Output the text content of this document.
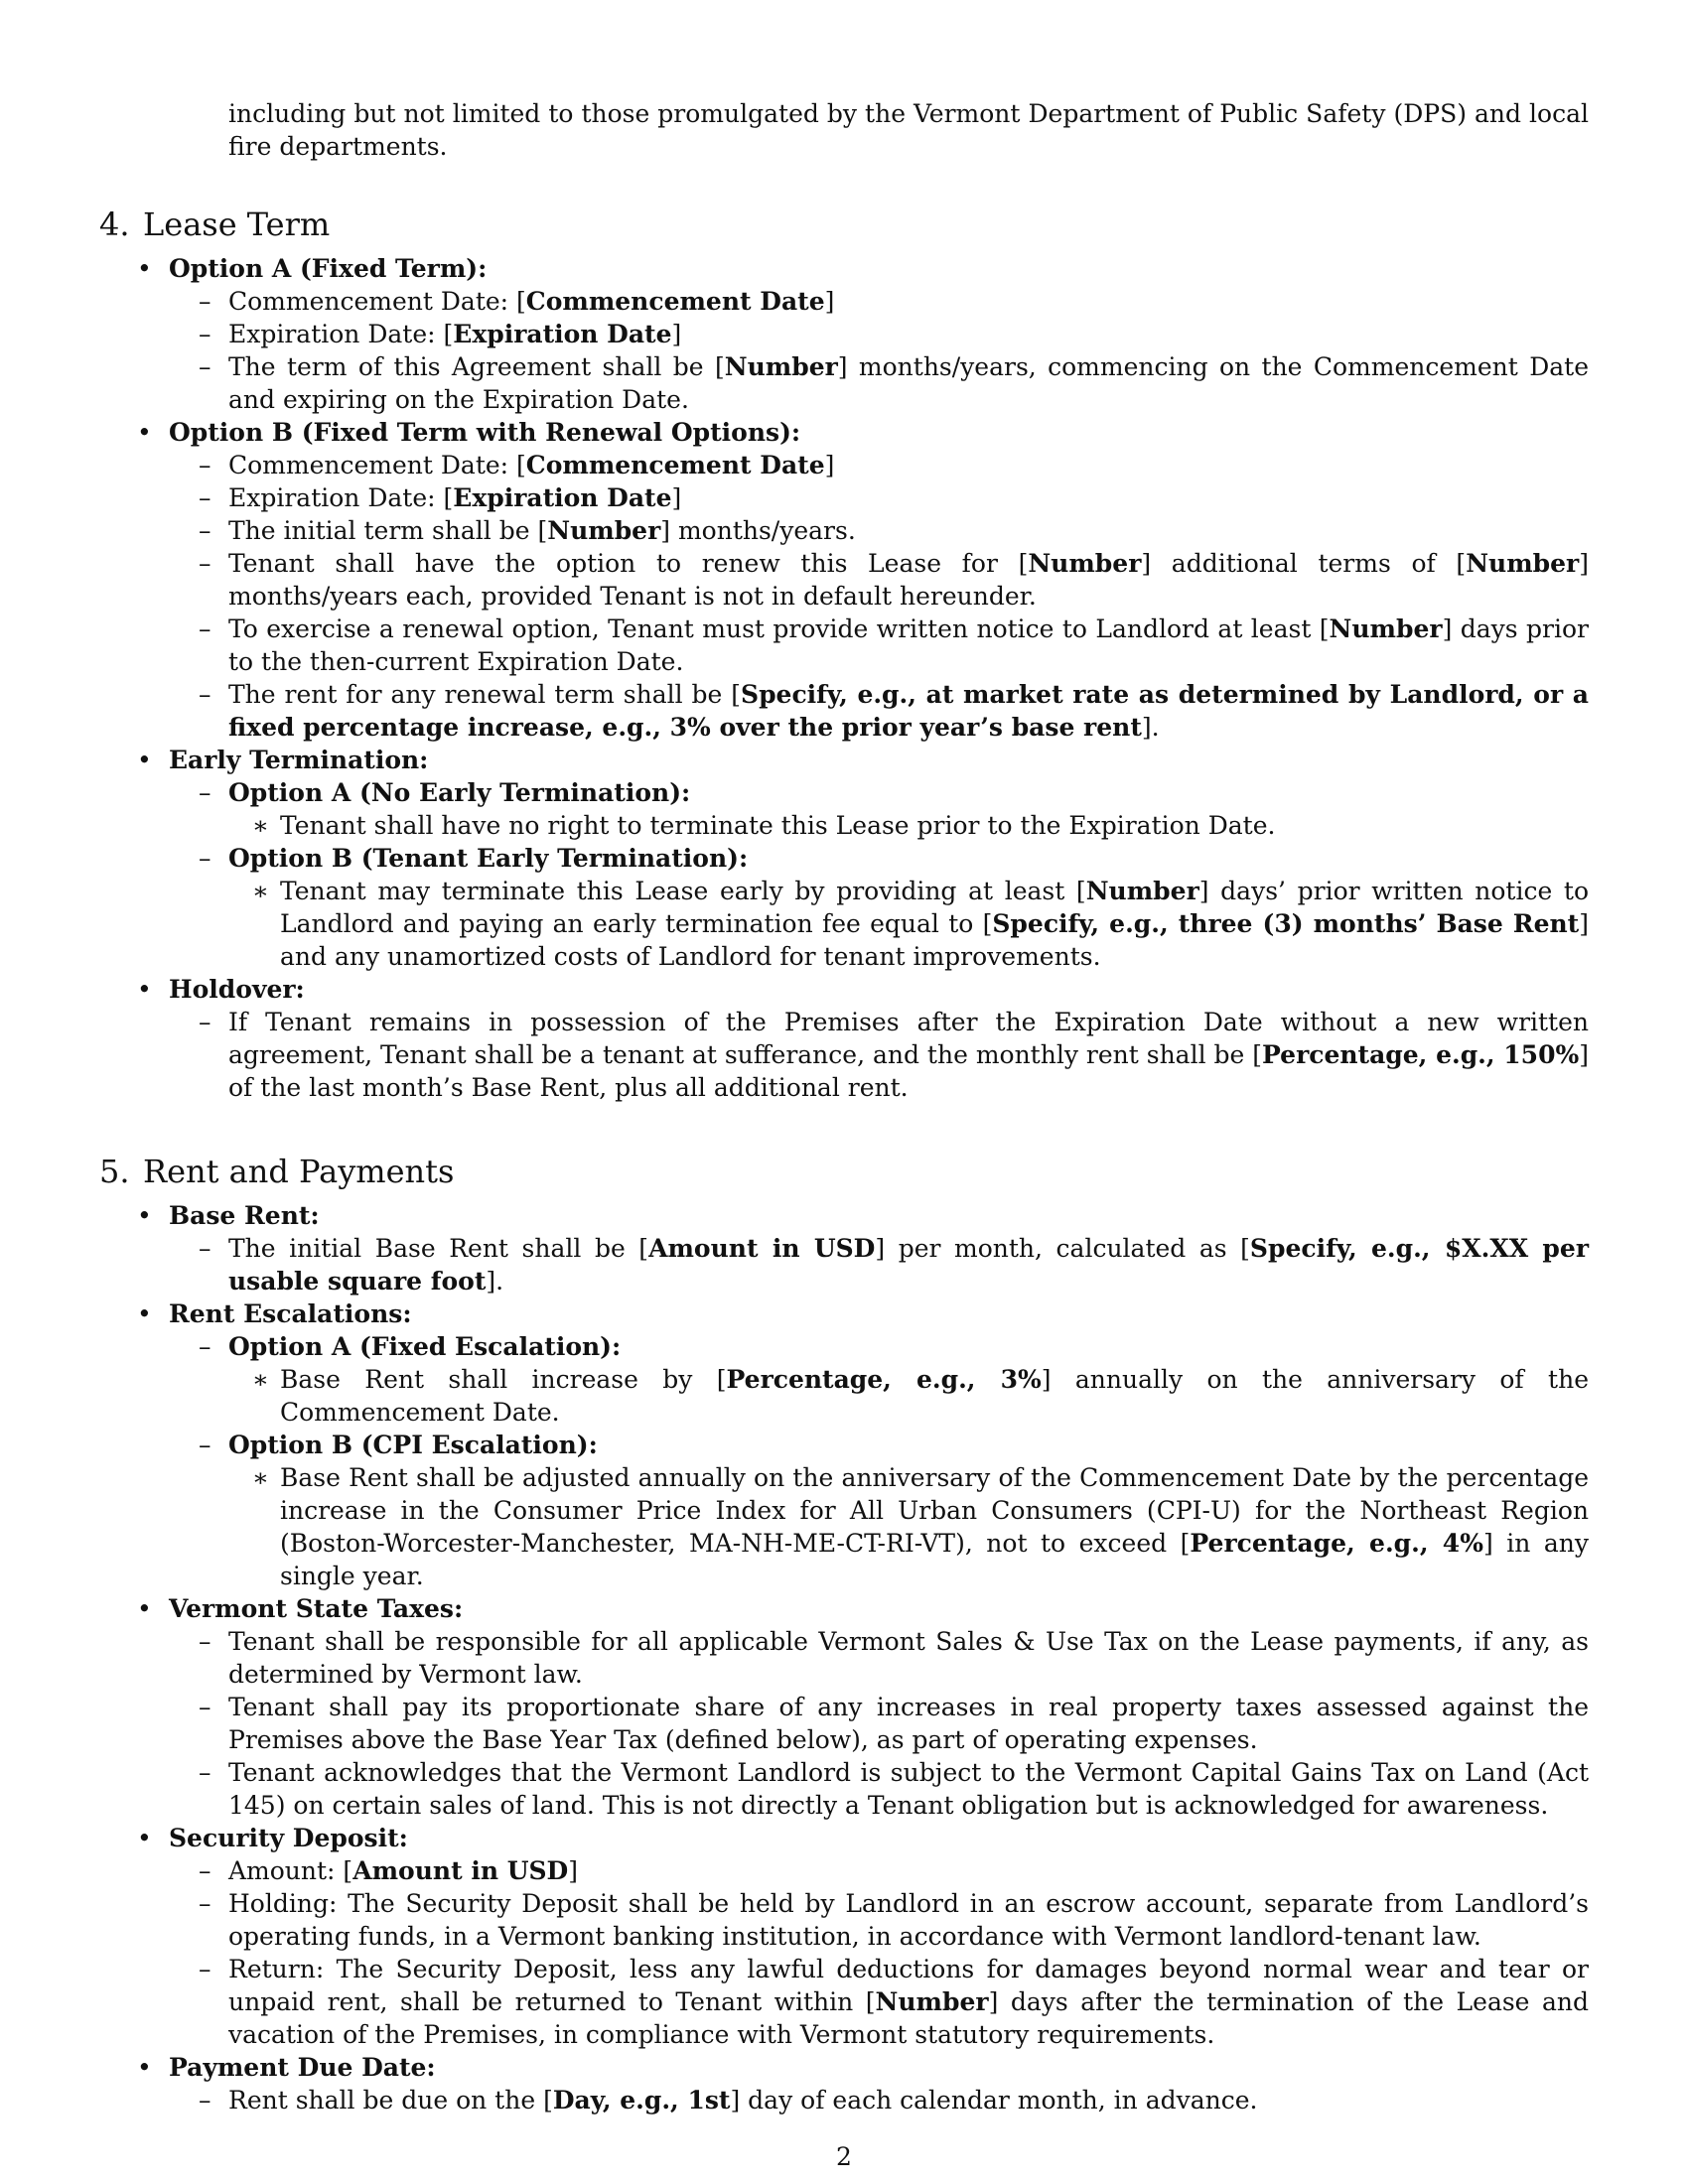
including but not limited to those promulgated by the Vermont Department of Public Safety (DPS) and local fire departments.

4. Lease Term
• Option A (Fixed Term):
– Commencement Date: [Commencement Date]
– Expiration Date: [Expiration Date]
– The term of this Agreement shall be [Number] months/years, commencing on the Commencement Date and expiring on the Expiration Date.
• Option B (Fixed Term with Renewal Options):
– Commencement Date: [Commencement Date]
– Expiration Date: [Expiration Date]
– The initial term shall be [Number] months/years.
– Tenant shall have the option to renew this Lease for [Number] additional terms of [Number] months/years each, provided Tenant is not in default hereunder.
– To exercise a renewal option, Tenant must provide written notice to Landlord at least [Number] days prior to the then-current Expiration Date.
– The rent for any renewal term shall be [Specify, e.g., at market rate as determined by Landlord, or a fixed percentage increase, e.g., 3% over the prior year’s base rent].
• Early Termination:
– Option A (No Early Termination):
∗ Tenant shall have no right to terminate this Lease prior to the Expiration Date.
– Option B (Tenant Early Termination):
∗ Tenant may terminate this Lease early by providing at least [Number] days’ prior written notice to Landlord and paying an early termination fee equal to [Specify, e.g., three (3) months’ Base Rent] and any unamortized costs of Landlord for tenant improvements.
• Holdover:
– If Tenant remains in possession of the Premises after the Expiration Date without a new written agreement, Tenant shall be a tenant at sufferance, and the monthly rent shall be [Percentage, e.g., 150%] of the last month’s Base Rent, plus all additional rent.
5. Rent and Payments
• Base Rent:
– The initial Base Rent shall be [Amount in USD] per month, calculated as [Specify, e.g., $X.XX per usable square foot].
• Rent Escalations:
– Option A (Fixed Escalation):
∗ Base Rent shall increase by [Percentage, e.g., 3%] annually on the anniversary of the Commencement Date.
– Option B (CPI Escalation):
∗ Base Rent shall be adjusted annually on the anniversary of the Commencement Date by the percentage increase in the Consumer Price Index for All Urban Consumers (CPI-U) for the Northeast Region (Boston-Worcester-Manchester, MA-NH-ME-CT-RI-VT), not to exceed [Percentage, e.g., 4%] in any single year.
• Vermont State Taxes:
– Tenant shall be responsible for all applicable Vermont Sales & Use Tax on the Lease payments, if any, as determined by Vermont law.
– Tenant shall pay its proportionate share of any increases in real property taxes assessed against the Premises above the Base Year Tax (defined below), as part of operating expenses.
– Tenant acknowledges that the Vermont Landlord is subject to the Vermont Capital Gains Tax on Land (Act 145) on certain sales of land. This is not directly a Tenant obligation but is acknowledged for awareness.
• Security Deposit:
– Amount: [Amount in USD]
– Holding: The Security Deposit shall be held by Landlord in an escrow account, separate from Landlord’s operating funds, in a Vermont banking institution, in accordance with Vermont landlord-tenant law.
– Return: The Security Deposit, less any lawful deductions for damages beyond normal wear and tear or unpaid rent, shall be returned to Tenant within [Number] days after the termination of the Lease and vacation of the Premises, in compliance with Vermont statutory requirements.
• Payment Due Date:
– Rent shall be due on the [Day, e.g., 1st] day of each calendar month, in advance.
2
